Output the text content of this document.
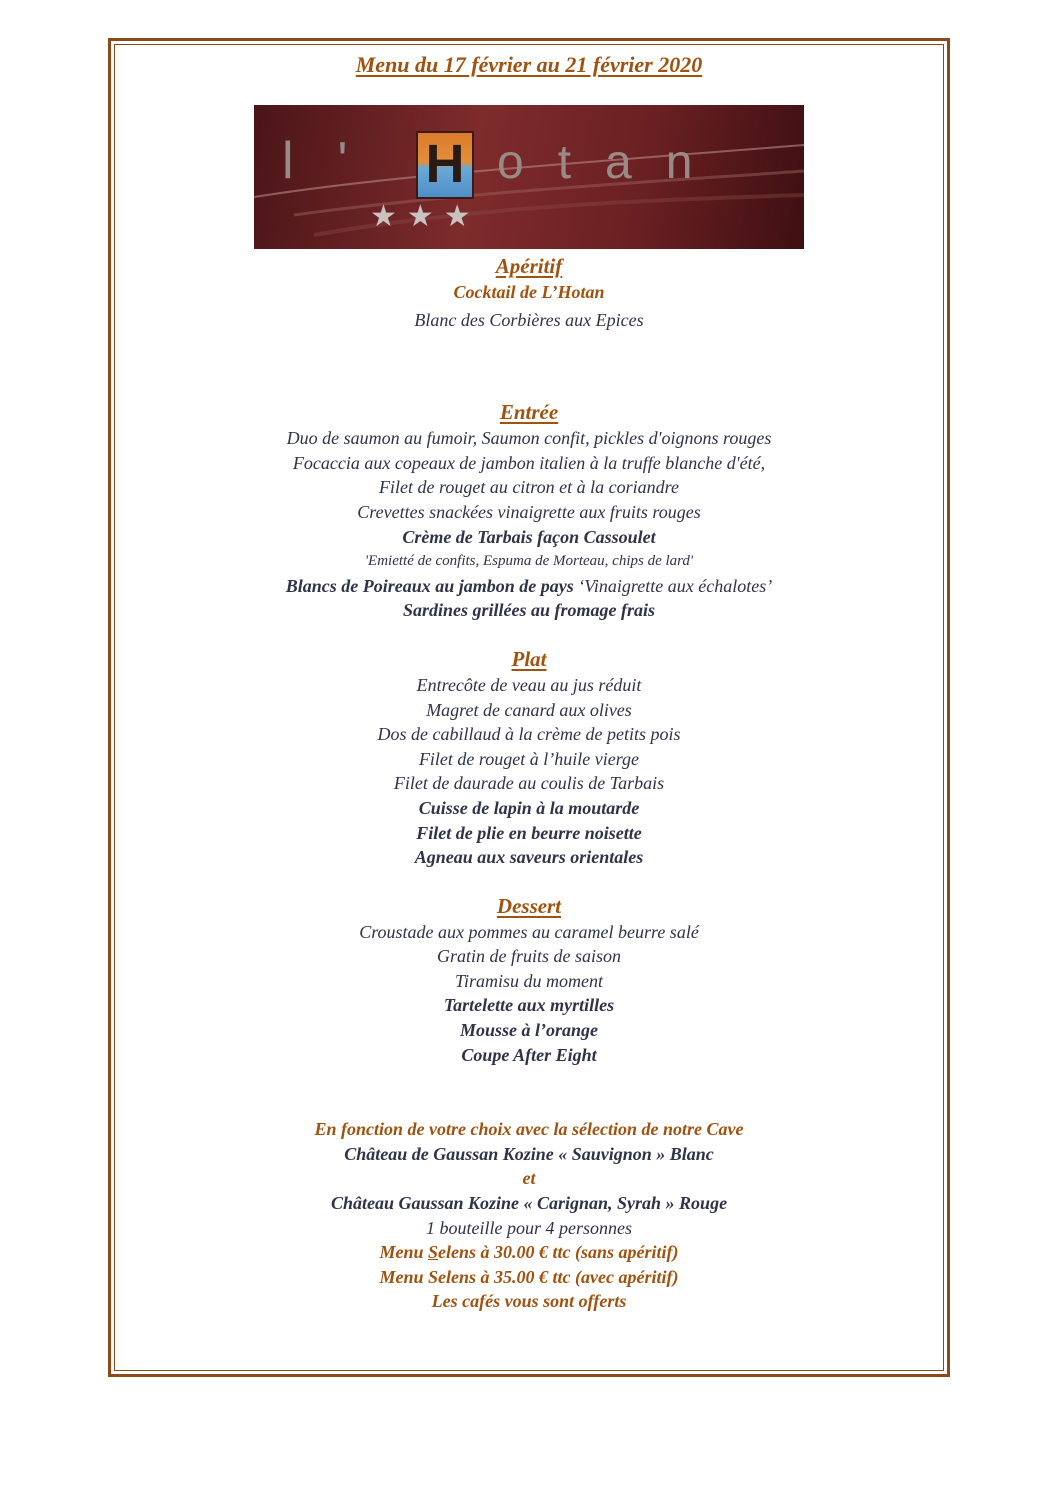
Menu du 17 février au 21 février 2020
l' H otan
★★★
Apéritif
Cocktail de L’Hotan
Blanc des Corbières aux Epices
Entrée
Duo de saumon au fumoir, Saumon confit, pickles d'oignons rouges
Focaccia aux copeaux de jambon italien à la truffe blanche d'été,
Filet de rouget au citron et à la coriandre
Crevettes snackées vinaigrette aux fruits rouges
Crème de Tarbais façon Cassoulet
'Emietté de confits, Espuma de Morteau, chips de lard'
Blancs de Poireaux au jambon de pays ‘Vinaigrette aux échalotes’
Sardines grillées au fromage frais
Plat
Entrecôte de veau au jus réduit
Magret de canard aux olives
Dos de cabillaud à la crème de petits pois
Filet de rouget à l’huile vierge
Filet de daurade au coulis de Tarbais
Cuisse de lapin à la moutarde
Filet de plie en beurre noisette
Agneau aux saveurs orientales
Dessert
Croustade aux pommes au caramel beurre salé
Gratin de fruits de saison
Tiramisu du moment
Tartelette aux myrtilles
Mousse à l’orange
Coupe After Eight
En fonction de votre choix avec la sélection de notre Cave
Château de Gaussan Kozine « Sauvignon » Blanc
et
Château Gaussan Kozine « Carignan, Syrah » Rouge
1 bouteille pour 4 personnes
Menu Selens à 30.00 € ttc (sans apéritif)
Menu Selens à 35.00 € ttc (avec apéritif)
Les cafés vous sont offerts
